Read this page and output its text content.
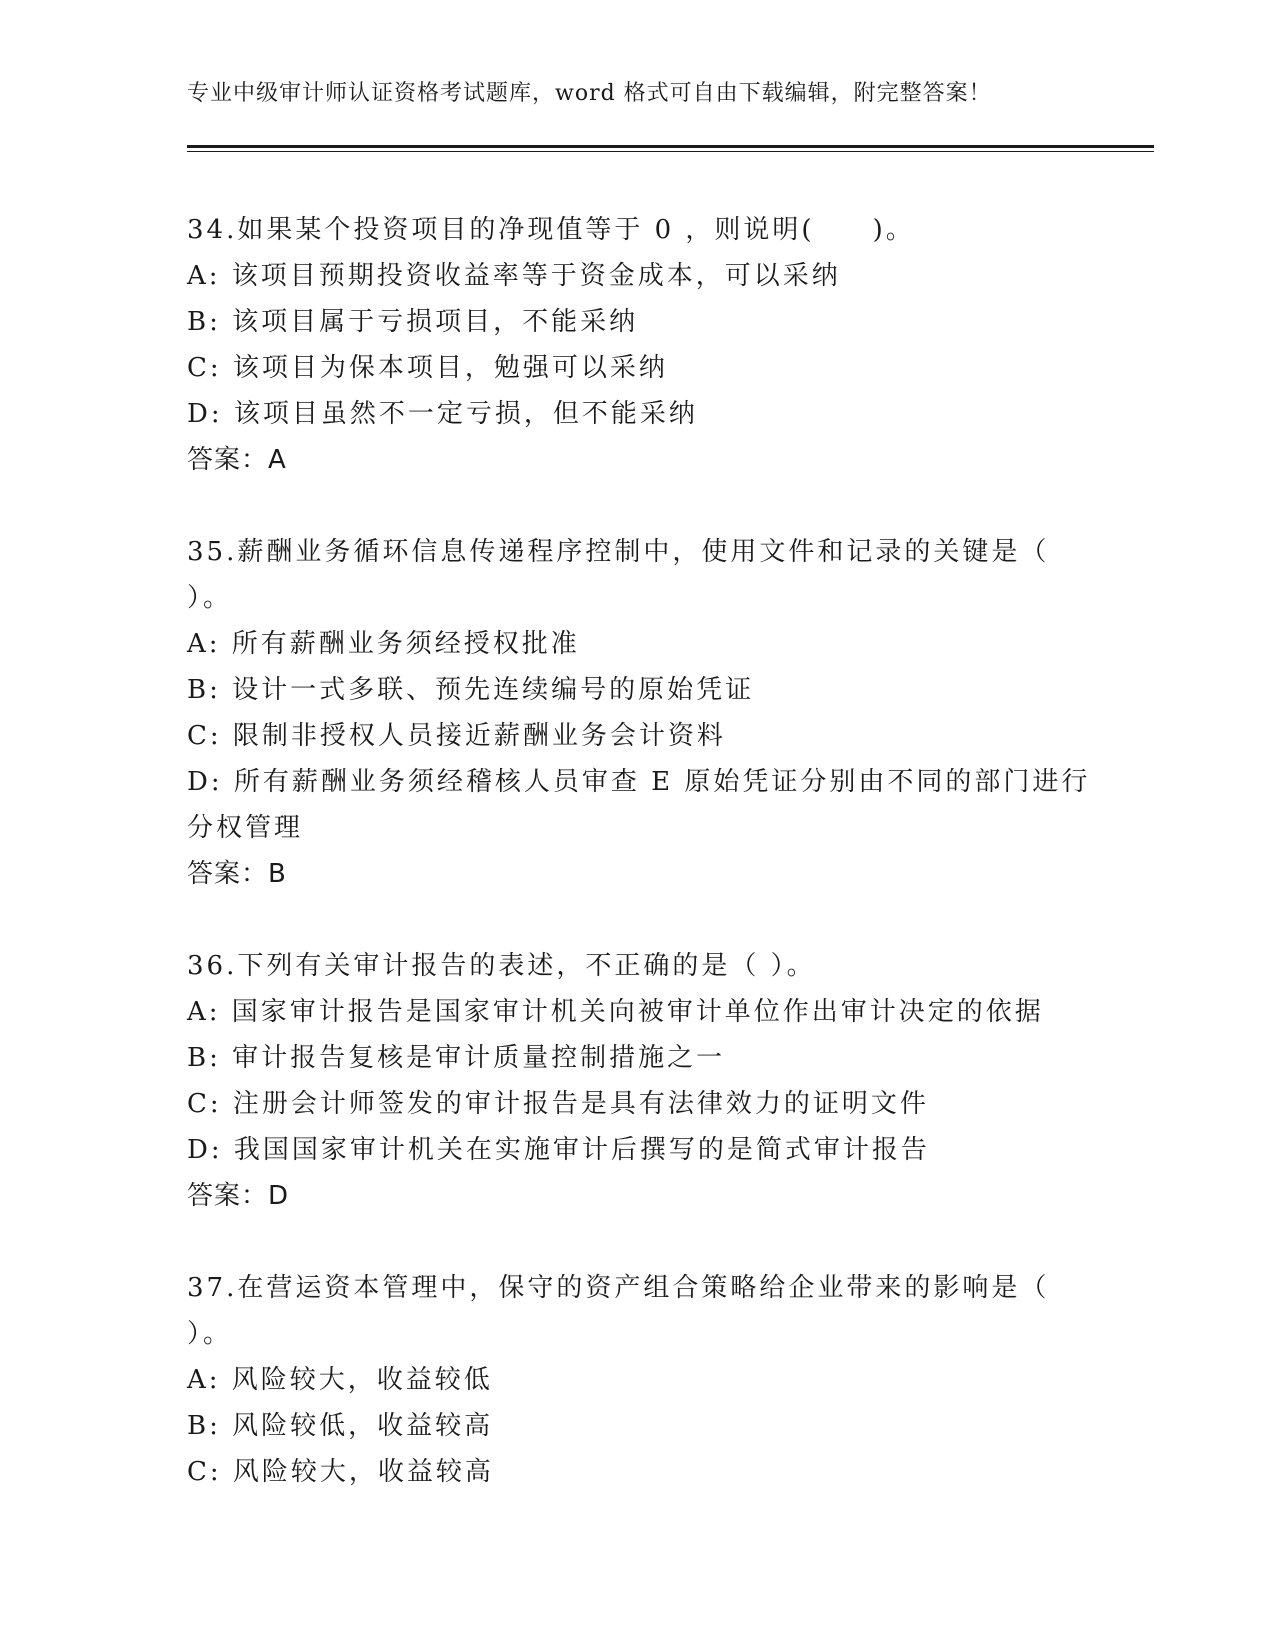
专业中级审计师认证资格考试题库，word 格式可自由下载编辑，附完整答案！
34.如果某个投资项目的净现值等于 0 ，则说明(　　)。
A: 该项目预期投资收益率等于资金成本，可以采纳
B: 该项目属于亏损项目，不能采纳
C: 该项目为保本项目，勉强可以采纳
D: 该项目虽然不一定亏损，但不能采纳
答案：A
35.薪酬业务循环信息传递程序控制中，使用文件和记录的关键是（
）。
A: 所有薪酬业务须经授权批准
B: 设计一式多联、预先连续编号的原始凭证
C: 限制非授权人员接近薪酬业务会计资料
D: 所有薪酬业务须经稽核人员审查 E 原始凭证分别由不同的部门进行
分权管理
答案：B
36.下列有关审计报告的表述，不正确的是（ ）。
A: 国家审计报告是国家审计机关向被审计单位作出审计决定的依据
B: 审计报告复核是审计质量控制措施之一
C: 注册会计师签发的审计报告是具有法律效力的证明文件
D: 我国国家审计机关在实施审计后撰写的是简式审计报告
答案：D
37.在营运资本管理中，保守的资产组合策略给企业带来的影响是（
）。
A: 风险较大，收益较低
B: 风险较低，收益较高
C: 风险较大，收益较高
